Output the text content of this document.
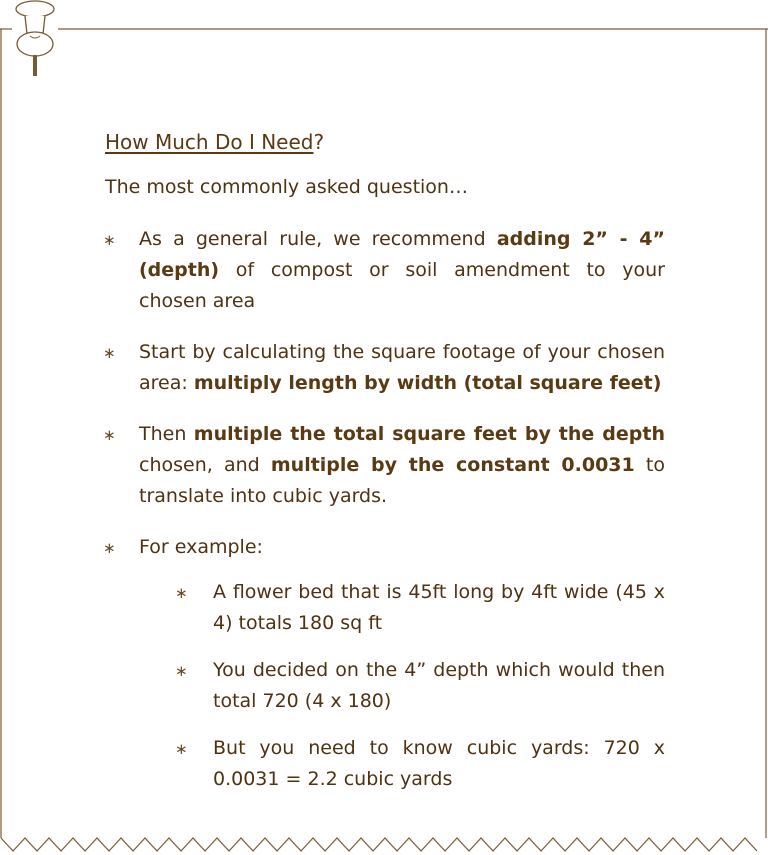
How Much Do I Need?

The most commonly asked question…

∗ As a general rule, we recommend adding 2” - 4” (depth) of compost or soil amendment to your   chosen area
∗ Start by calculating the square footage of your chosen area: multiply length by width (total square feet)
∗ Then multiple the total square feet by the depth chosen, and multiple by the constant 0.0031 to translate into cubic yards.
∗ For example:
∗ A flower bed that is 45ft long by 4ft wide (45 x 4) totals 180 sq ft
∗ You decided on the 4” depth which would then total 720 (4 x 180)
∗ But you need to know cubic yards: 720 x 0.0031 = 2.2 cubic yards
